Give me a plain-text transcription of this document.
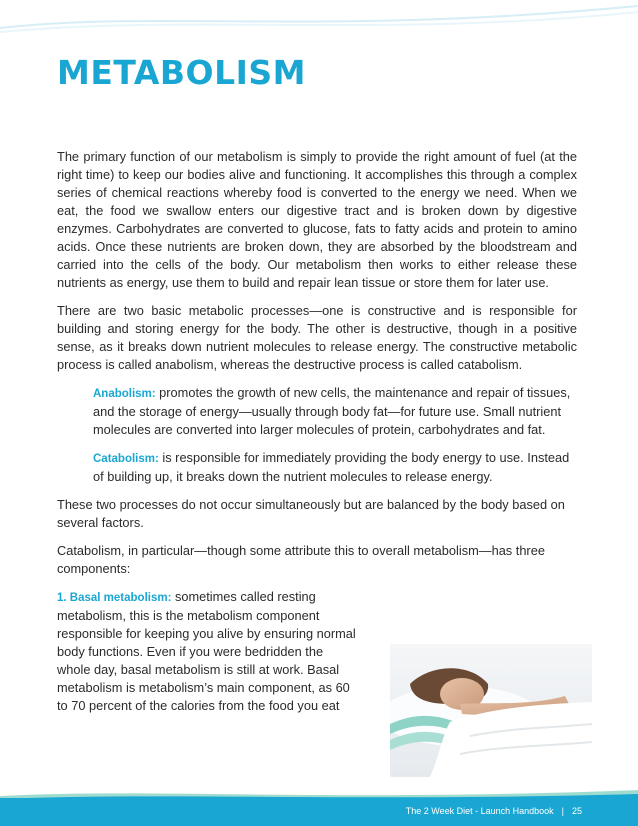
METABOLISM

The primary function of our metabolism is simply to provide the right amount of fuel (at the right time) to keep our bodies alive and functioning. It accomplishes this through a complex series of chemical reactions whereby food is converted to the energy we need. When we eat, the food we swallow enters our digestive tract and is broken down by digestive enzymes. Carbohydrates are converted to glucose, fats to fatty acids and protein to amino acids. Once these nutrients are broken down, they are absorbed by the bloodstream and carried into the cells of the body. Our metabolism then works to either release these nutrients as energy, use them to build and repair lean tissue or store them for later use.

There are two basic metabolic processes—one is constructive and is responsible for building and storing energy for the body. The other is destructive, though in a positive sense, as it breaks down nutrient molecules to release energy. The constructive metabolic process is called anabolism, whereas the destructive process is called catabolism.

Anabolism: promotes the growth of new cells, the maintenance and repair of tissues, and the storage of energy—usually through body fat—for future use. Small nutrient molecules are converted into larger molecules of protein, carbohydrates and fat.

Catabolism: is responsible for immediately providing the body energy to use. Instead of building up, it breaks down the nutrient molecules to release energy.

These two processes do not occur simultaneously but are balanced by the body based on several factors.

Catabolism, in particular—though some attribute this to overall metabolism—has three components:

1. Basal metabolism: sometimes called resting metabolism, this is the metabolism component responsible for keeping you alive by ensuring normal body functions. Even if you were bedridden the whole day, basal metabolism is still at work. Basal metabolism is metabolism’s main component, as 60 to 70 percent of the calories from the food you eat

The 2 Week Diet - Launch Handbook | 25
